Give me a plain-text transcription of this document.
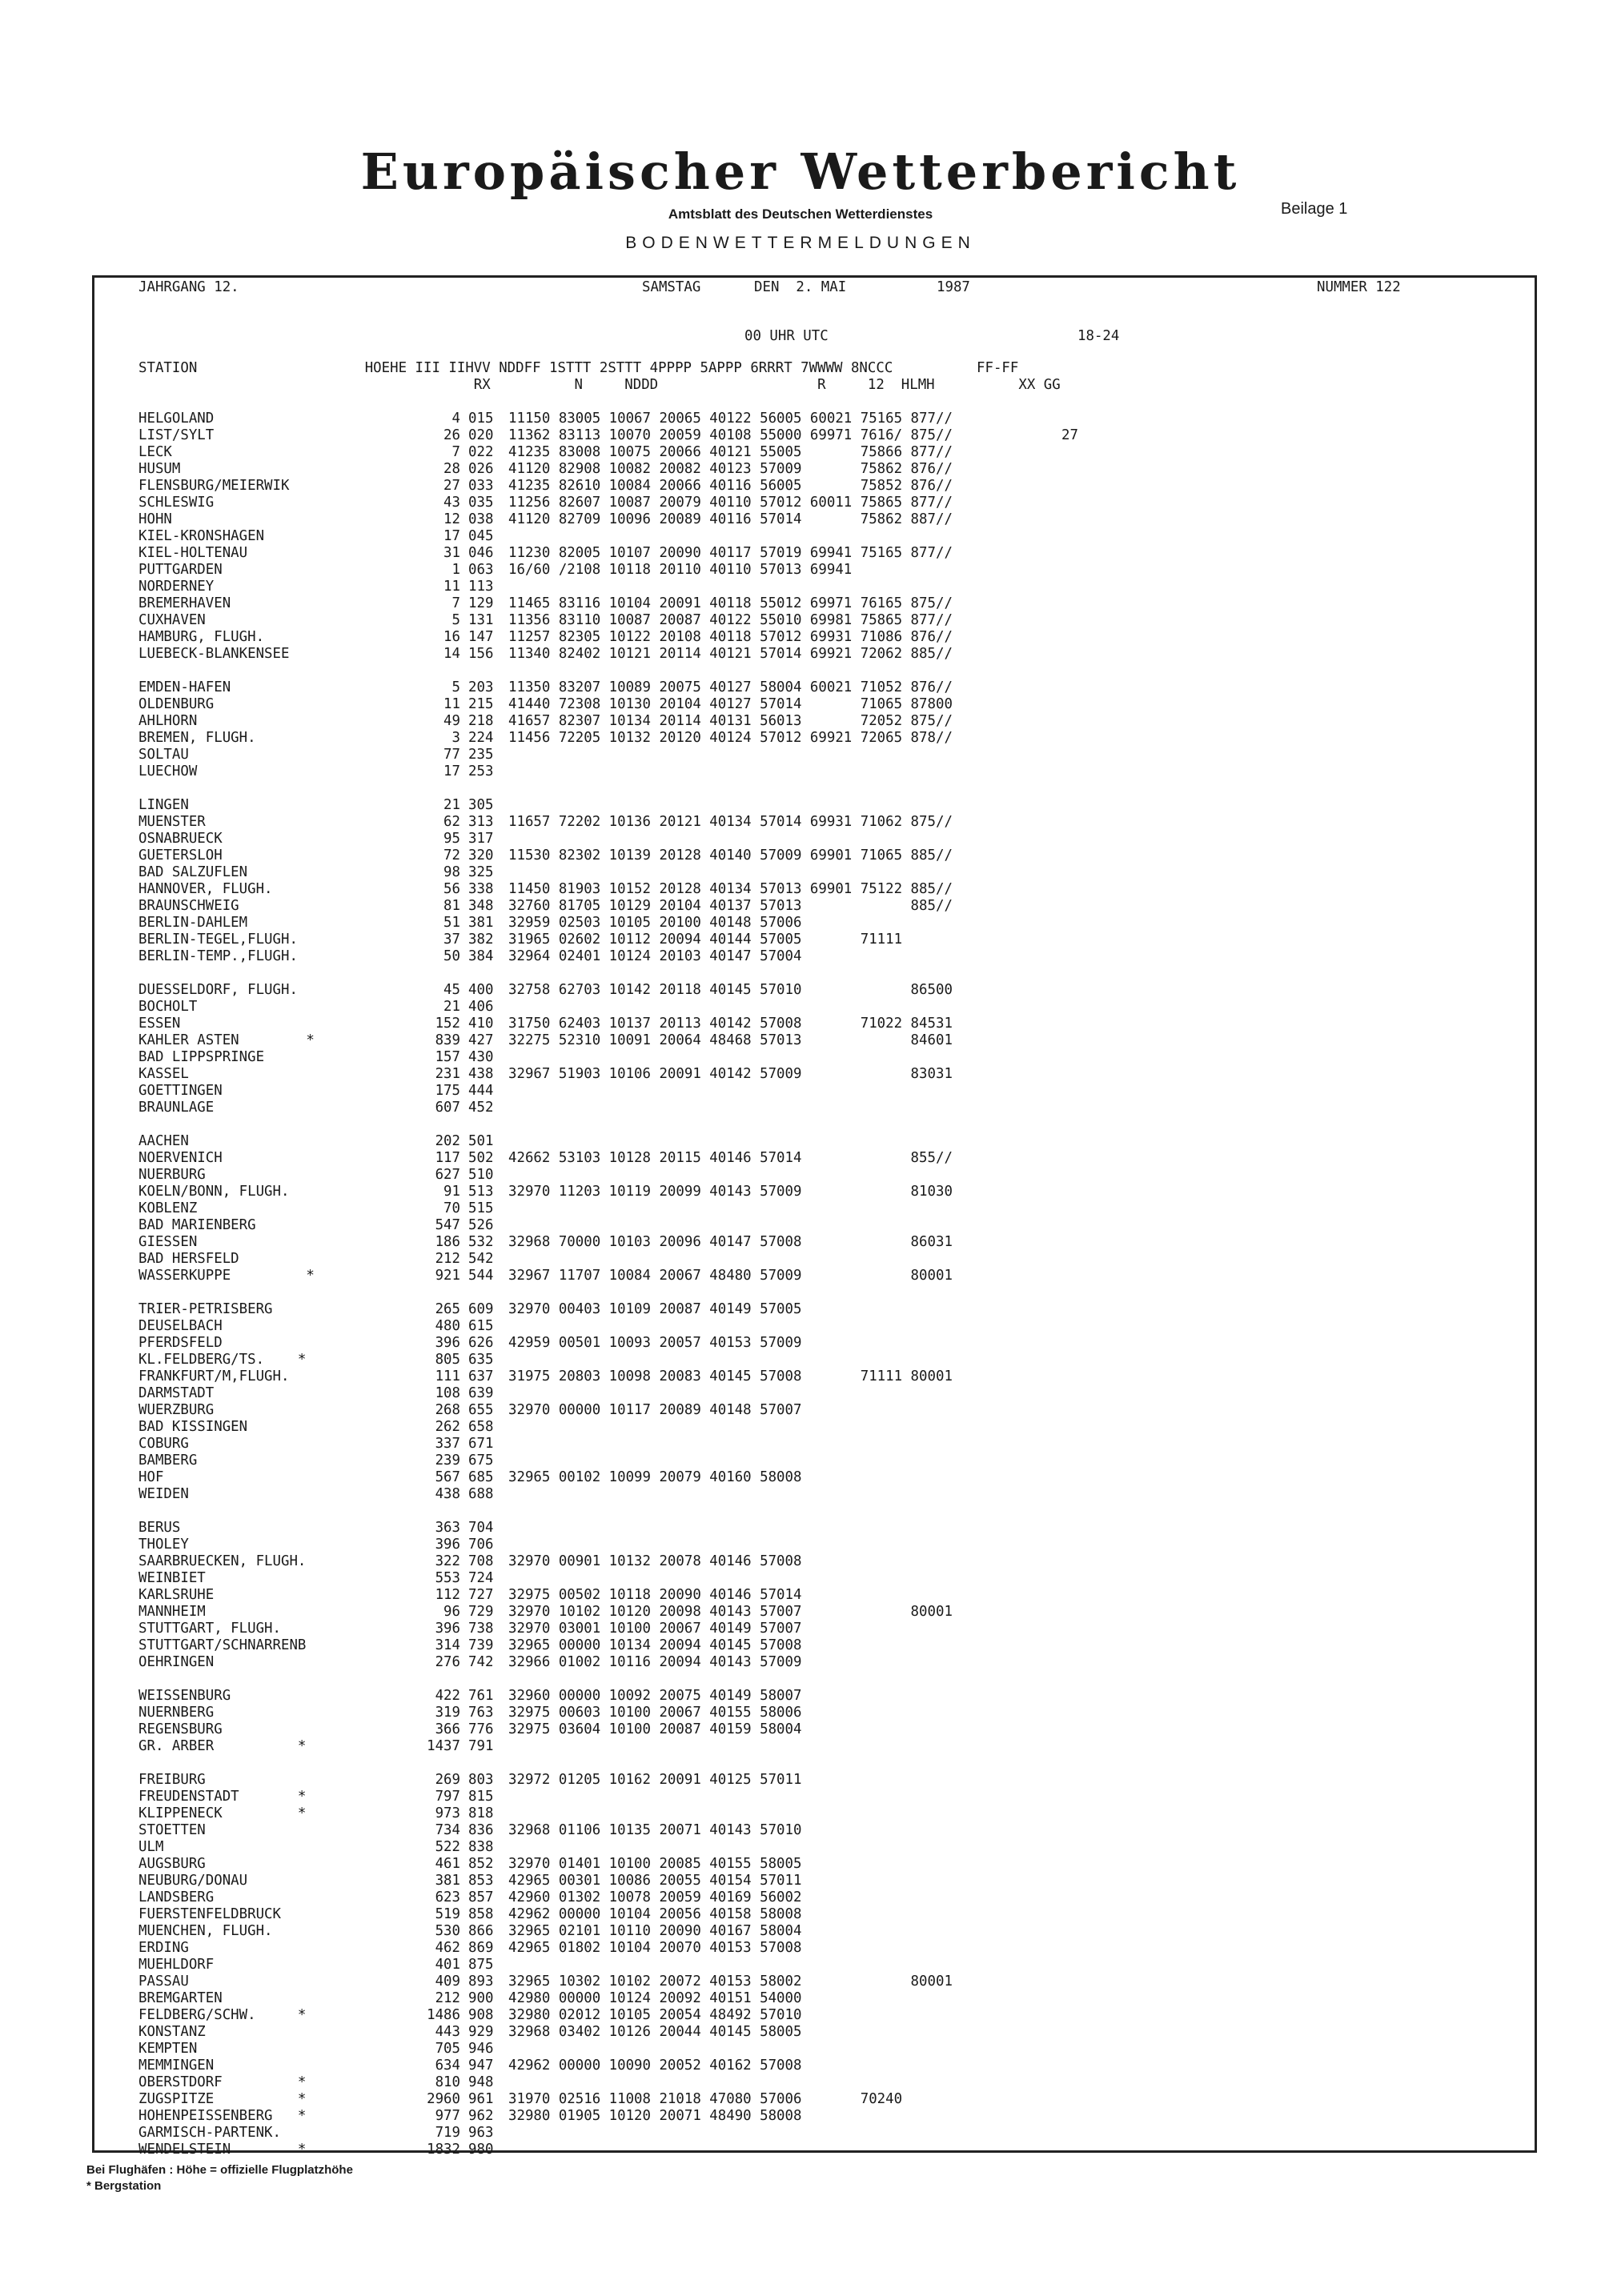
Europäischer Wetterbericht
Amtsblatt des Deutschen Wetterdienstes	Beilage 1
BODENWETTERMELDUNGEN
JAHRGANG 12.	SAMSTAG	DEN  2. MAI	1987	NUMMER 122
00 UHR UTC	18-24
STATION                    HOEHE III IIHVV NDDFF 1STTT 2STTT 4PPPP 5APPP 6RRRT 7WWWW 8NCCC          FF-FF
RX          N     NDDD                   R     12  HLMH          XX GG
HELGOLAND	4 015 11150 83005 10067 20065 40122 56005 60021 75165 877//
LIST/SYLT	26 020 11362 83113 10070 20059 40108 55000 69971 7616/ 875//             27
LECK	7 022 41235 83008 10075 20066 40121 55005       75866 877//
HUSUM	28 026 41120 82908 10082 20082 40123 57009       75862 876//
FLENSBURG/MEIERWIK	27 033 41235 82610 10084 20066 40116 56005       75852 876//
SCHLESWIG	43 035 11256 82607 10087 20079 40110 57012 60011 75865 877//
HOHN	12 038 41120 82709 10096 20089 40116 57014       75862 887//
KIEL-KRONSHAGEN	17 045
KIEL-HOLTENAU	31 046 11230 82005 10107 20090 40117 57019 69941 75165 877//
PUTTGARDEN	1 063 16/60 /2108 10118 20110 40110 57013 69941
NORDERNEY	11 113
BREMERHAVEN	7 129 11465 83116 10104 20091 40118 55012 69971 76165 875//
CUXHAVEN	5 131 11356 83110 10087 20087 40122 55010 69981 75865 877//
HAMBURG, FLUGH.	16 147 11257 82305 10122 20108 40118 57012 69931 71086 876//
LUEBECK-BLANKENSEE	14 156 11340 82402 10121 20114 40121 57014 69921 72062 885//
EMDEN-HAFEN	5 203 11350 83207 10089 20075 40127 58004 60021 71052 876//
OLDENBURG	11 215 41440 72308 10130 20104 40127 57014       71065 87800
AHLHORN	49 218 41657 82307 10134 20114 40131 56013       72052 875//
BREMEN, FLUGH.	3 224 11456 72205 10132 20120 40124 57012 69921 72065 878//
SOLTAU	77 235
LUECHOW	17 253
LINGEN	21 305
MUENSTER	62 313 11657 72202 10136 20121 40134 57014 69931 71062 875//
OSNABRUECK	95 317
GUETERSLOH	72 320 11530 82302 10139 20128 40140 57009 69901 71065 885//
BAD SALZUFLEN	98 325
HANNOVER, FLUGH.	56 338 11450 81903 10152 20128 40134 57013 69901 75122 885//
BRAUNSCHWEIG	81 348 32760 81705 10129 20104 40137 57013             885//
BERLIN-DAHLEM	51 381 32959 02503 10105 20100 40148 57006
BERLIN-TEGEL,FLUGH.	37 382 31965 02602 10112 20094 40144 57005       71111
BERLIN-TEMP.,FLUGH.	50 384 32964 02401 10124 20103 40147 57004
DUESSELDORF, FLUGH.	45 400 32758 62703 10142 20118 40145 57010             86500
BOCHOLT	21 406
ESSEN	152 410 31750 62403 10137 20113 40142 57008       71022 84531
KAHLER ASTEN        *	839 427 32275 52310 10091 20064 48468 57013             84601
BAD LIPPSPRINGE	157 430
KASSEL	231 438 32967 51903 10106 20091 40142 57009             83031
GOETTINGEN	175 444
BRAUNLAGE	607 452
AACHEN	202 501
NOERVENICH	117 502 42662 53103 10128 20115 40146 57014             855//
NUERBURG	627 510
KOELN/BONN, FLUGH.	91 513 32970 11203 10119 20099 40143 57009             81030
KOBLENZ	70 515
BAD MARIENBERG	547 526
GIESSEN	186 532 32968 70000 10103 20096 40147 57008             86031
BAD HERSFELD	212 542
WASSERKUPPE         *	921 544 32967 11707 10084 20067 48480 57009             80001
TRIER-PETRISBERG	265 609 32970 00403 10109 20087 40149 57005
DEUSELBACH	480 615
PFERDSFELD	396 626 42959 00501 10093 20057 40153 57009
KL.FELDBERG/TS.    *	805 635
FRANKFURT/M,FLUGH.	111 637 31975 20803 10098 20083 40145 57008       71111 80001
DARMSTADT	108 639
WUERZBURG	268 655 32970 00000 10117 20089 40148 57007
BAD KISSINGEN	262 658
COBURG	337 671
BAMBERG	239 675
HOF	567 685 32965 00102 10099 20079 40160 58008
WEIDEN	438 688
BERUS	363 704
THOLEY	396 706
SAARBRUECKEN, FLUGH.	322 708 32970 00901 10132 20078 40146 57008
WEINBIET	553 724
KARLSRUHE	112 727 32975 00502 10118 20090 40146 57014
MANNHEIM	96 729 32970 10102 10120 20098 40143 57007             80001
STUTTGART, FLUGH.	396 738 32970 03001 10100 20067 40149 57007
STUTTGART/SCHNARRENB	314 739 32965 00000 10134 20094 40145 57008
OEHRINGEN	276 742 32966 01002 10116 20094 40143 57009
WEISSENBURG	422 761 32960 00000 10092 20075 40149 58007
NUERNBERG	319 763 32975 00603 10100 20067 40155 58006
REGENSBURG	366 776 32975 03604 10100 20087 40159 58004
GR. ARBER          *	1437 791
FREIBURG	269 803 32972 01205 10162 20091 40125 57011
FREUDENSTADT       *	797 815
KLIPPENECK         *	973 818
STOETTEN	734 836 32968 01106 10135 20071 40143 57010
ULM	522 838
AUGSBURG	461 852 32970 01401 10100 20085 40155 58005
NEUBURG/DONAU	381 853 42965 00301 10086 20055 40154 57011
LANDSBERG	623 857 42960 01302 10078 20059 40169 56002
FUERSTENFELDBRUCK	519 858 42962 00000 10104 20056 40158 58008
MUENCHEN, FLUGH.	530 866 32965 02101 10110 20090 40167 58004
ERDING	462 869 42965 01802 10104 20070 40153 57008
MUEHLDORF	401 875
PASSAU	409 893 32965 10302 10102 20072 40153 58002             80001
BREMGARTEN	212 900 42980 00000 10124 20092 40151 54000
FELDBERG/SCHW.     *	1486 908 32980 02012 10105 20054 48492 57010
KONSTANZ	443 929 32968 03402 10126 20044 40145 58005
KEMPTEN	705 946
MEMMINGEN	634 947 42962 00000 10090 20052 40162 57008
OBERSTDORF         *	810 948
ZUGSPITZE          *	2960 961 31970 02516 11008 21018 47080 57006       70240
HOHENPEISSENBERG   *	977 962 32980 01905 10120 20071 48490 58008
GARMISCH-PARTENK.	719 963
WENDELSTEIN        *	1832 980
Bei Flughäfen : Höhe = offizielle Flugplatzhöhe
* Bergstation
